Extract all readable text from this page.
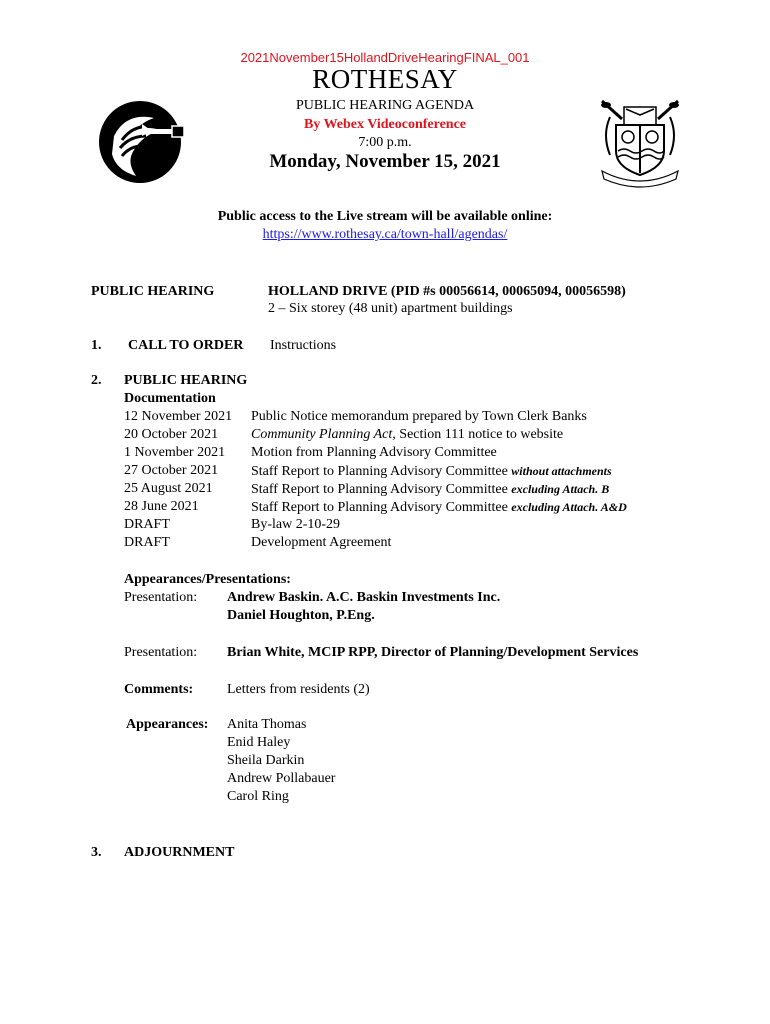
2021November15HollandDriveHearingFINAL_001
ROTHESAY
PUBLIC HEARING AGENDA
By Webex Videoconference
7:00 p.m.
Monday, November 15, 2021
Public access to the Live stream will be available online:
https://www.rothesay.ca/town-hall/agendas/
PUBLIC HEARING	HOLLAND DRIVE (PID #s 00056614, 00065094, 00056598)
2 – Six storey (48 unit) apartment buildings
1. CALL TO ORDER Instructions
2. PUBLIC HEARING
Documentation
12 November 2021 Public Notice memorandum prepared by Town Clerk Banks
20 October 2021 Community Planning Act, Section 111 notice to website
1 November 2021 Motion from Planning Advisory Committee
27 October 2021 Staff Report to Planning Advisory Committee without attachments
25 August 2021	Staff Report to Planning Advisory Committee excluding Attach. B
28 June 2021	Staff Report to Planning Advisory Committee excluding Attach. A&D
DRAFT	By-law 2-10-29
DRAFT	Development Agreement
Appearances/Presentations:
Presentation: Andrew Baskin. A.C. Baskin Investments Inc.
Daniel Houghton, P.Eng.
Presentation: Brian White, MCIP RPP, Director of Planning/Development Services
Comments: Letters from residents (2)
Appearances: Anita Thomas
Enid Haley
Sheila Darkin
Andrew Pollabauer
Carol Ring
3. ADJOURNMENT
